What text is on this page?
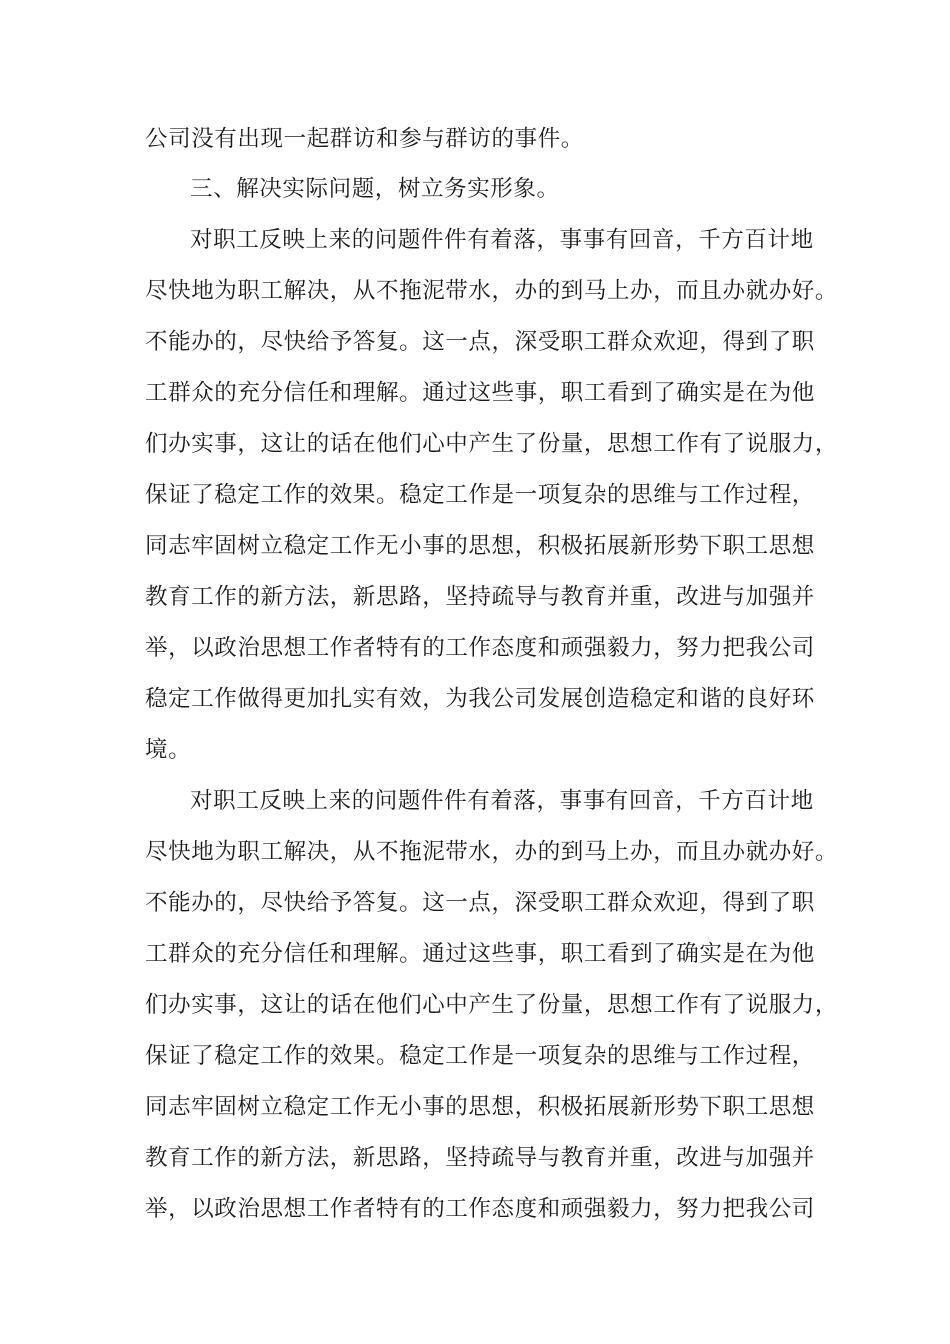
公司没有出现一起群访和参与群访的事件。
三、解决实际问题，树立务实形象。
对职工反映上来的问题件件有着落，事事有回音，千方百计地
尽快地为职工解决，从不拖泥带水，办的到马上办，而且办就办好。
不能办的，尽快给予答复。这一点，深受职工群众欢迎，得到了职
工群众的充分信任和理解。通过这些事，职工看到了确实是在为他
们办实事，这让的话在他们心中产生了份量，思想工作有了说服力，
保证了稳定工作的效果。稳定工作是一项复杂的思维与工作过程，
同志牢固树立稳定工作无小事的思想，积极拓展新形势下职工思想
教育工作的新方法，新思路，坚持疏导与教育并重，改进与加强并
举，以政治思想工作者特有的工作态度和顽强毅力，努力把我公司
稳定工作做得更加扎实有效，为我公司发展创造稳定和谐的良好环
境。
对职工反映上来的问题件件有着落，事事有回音，千方百计地
尽快地为职工解决，从不拖泥带水，办的到马上办，而且办就办好。
不能办的，尽快给予答复。这一点，深受职工群众欢迎，得到了职
工群众的充分信任和理解。通过这些事，职工看到了确实是在为他
们办实事，这让的话在他们心中产生了份量，思想工作有了说服力，
保证了稳定工作的效果。稳定工作是一项复杂的思维与工作过程，
同志牢固树立稳定工作无小事的思想，积极拓展新形势下职工思想
教育工作的新方法，新思路，坚持疏导与教育并重，改进与加强并
举，以政治思想工作者特有的工作态度和顽强毅力，努力把我公司
